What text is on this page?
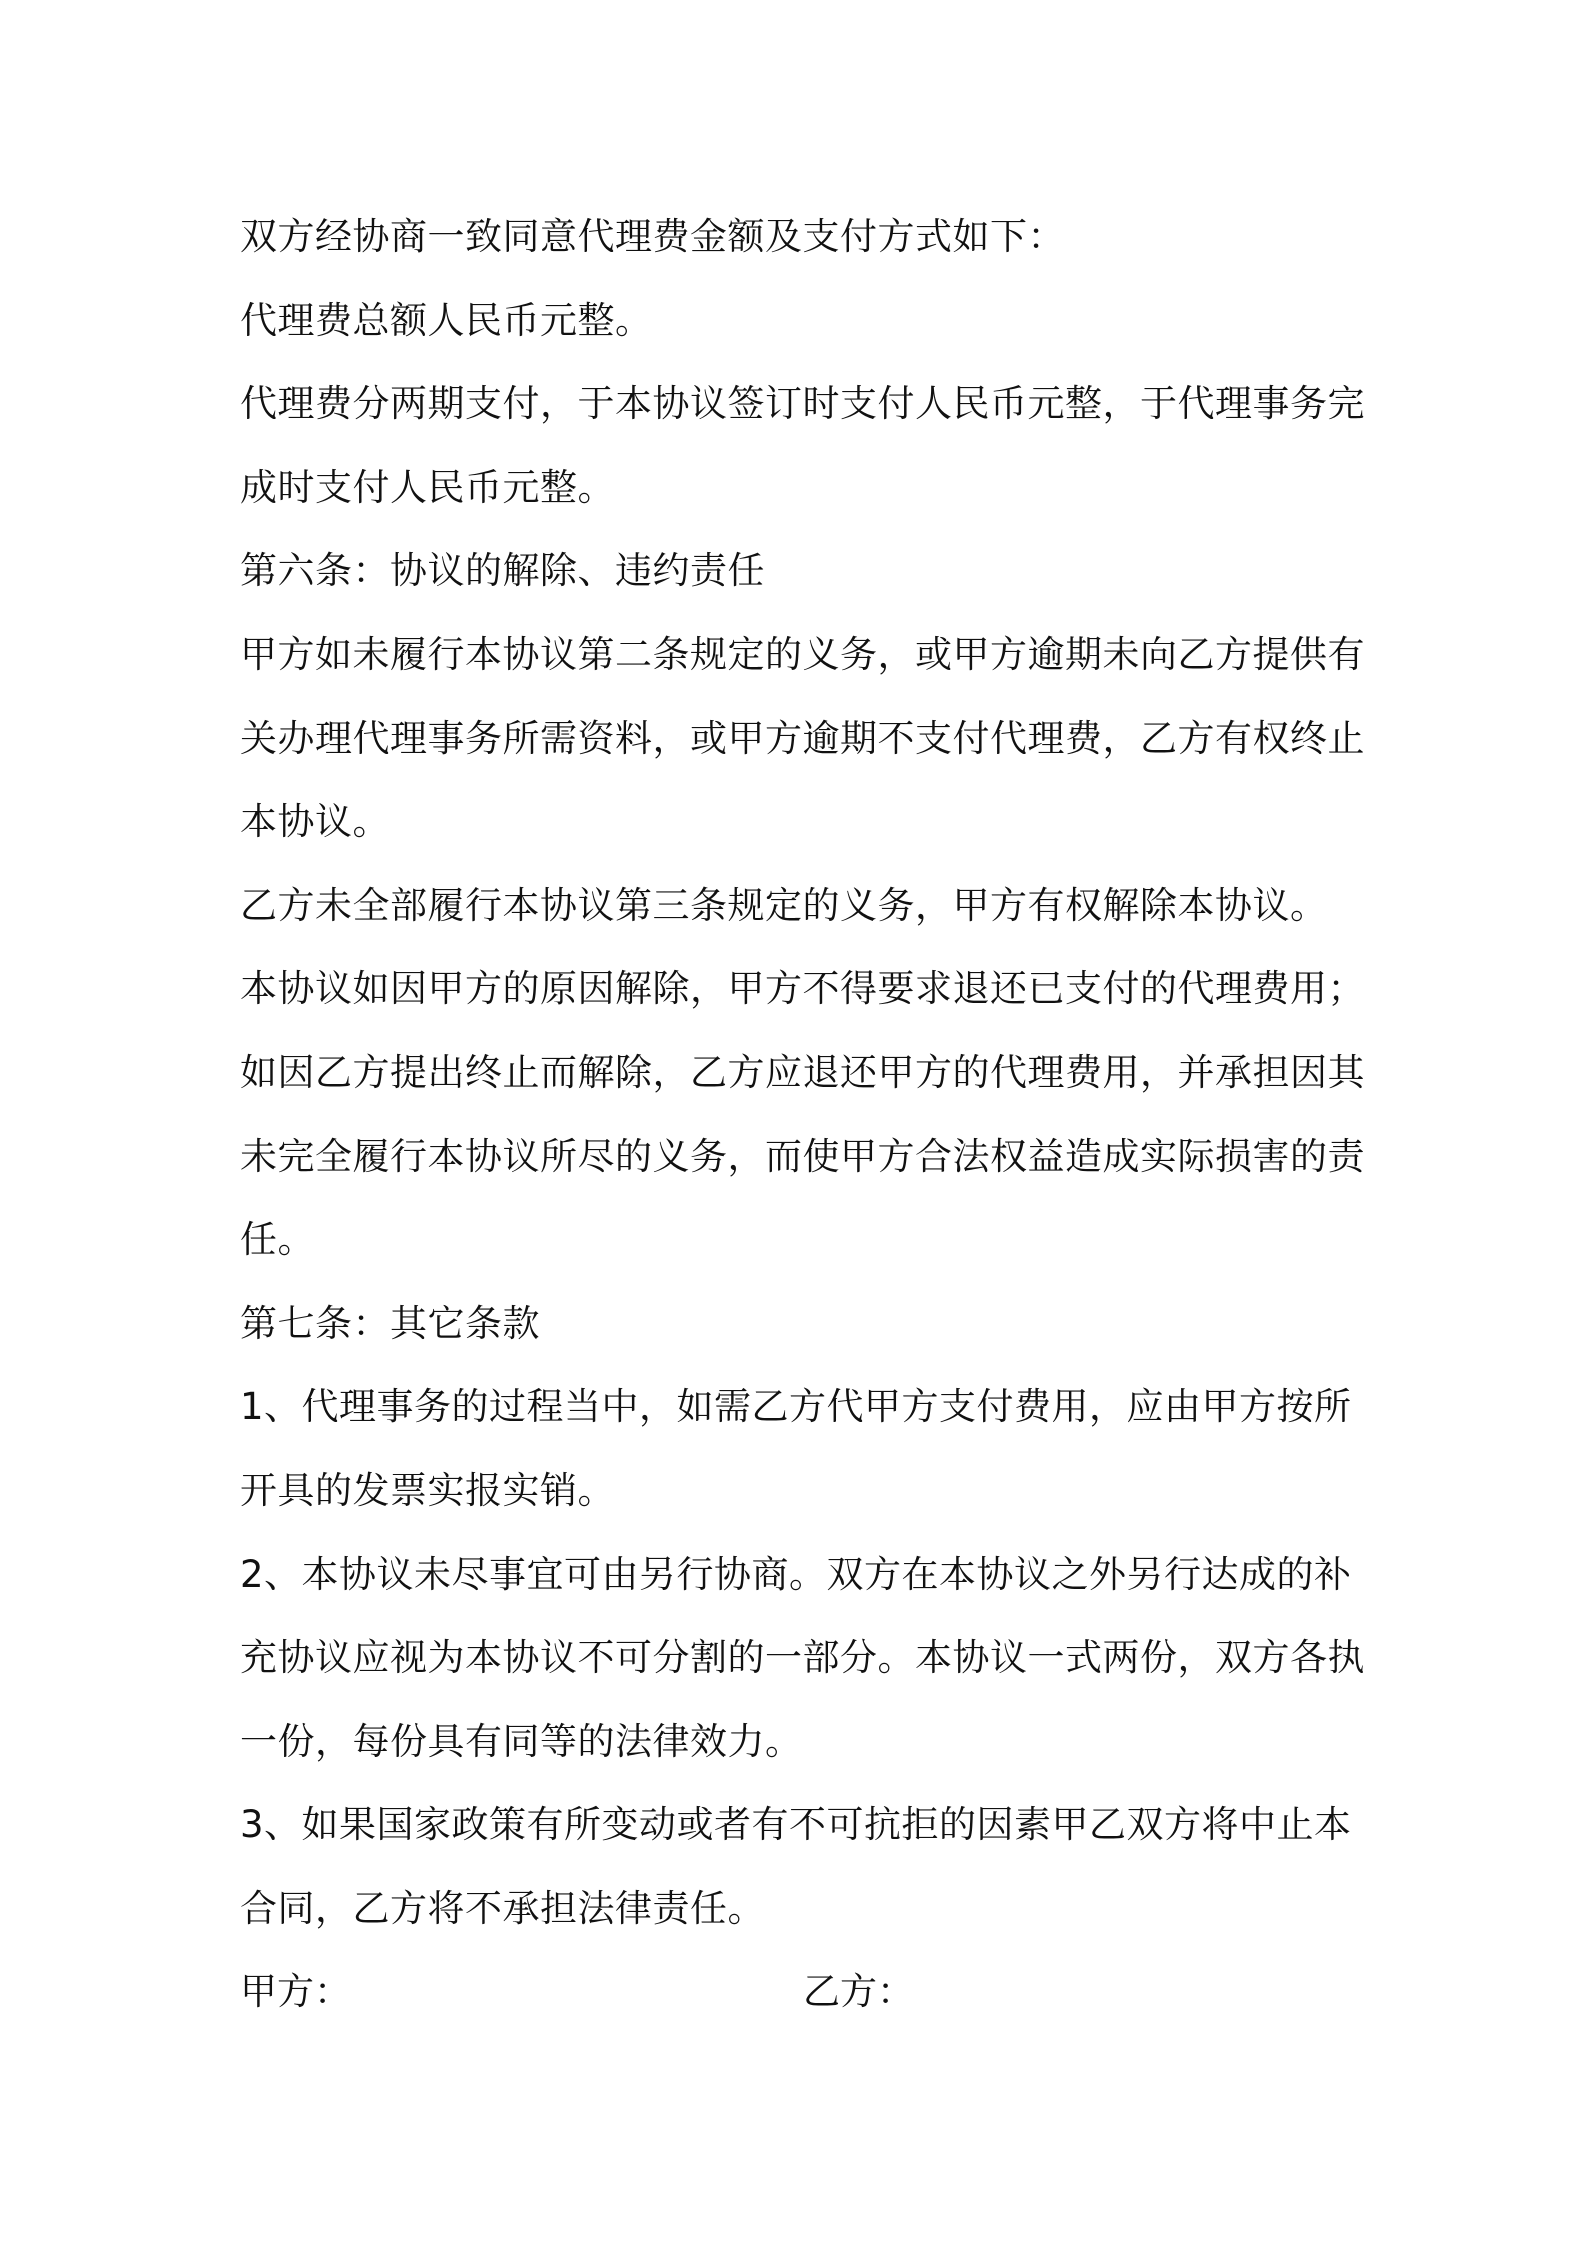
双方经协商一致同意代理费金额及支付方式如下：

代理费总额人民币元整。

代理费分两期支付，于本协议签订时支付人民币元整，于代理事务完

成时支付人民币元整。

第六条：协议的解除、违约责任

甲方如未履行本协议第二条规定的义务，或甲方逾期未向乙方提供有

关办理代理事务所需资料，或甲方逾期不支付代理费，乙方有权终止

本协议。

乙方未全部履行本协议第三条规定的义务，甲方有权解除本协议。

本协议如因甲方的原因解除，甲方不得要求退还已支付的代理费用；

如因乙方提出终止而解除，乙方应退还甲方的代理费用，并承担因其

未完全履行本协议所尽的义务，而使甲方合法权益造成实际损害的责

任。

第七条：其它条款

1、代理事务的过程当中，如需乙方代甲方支付费用，应由甲方按所

开具的发票实报实销。

2、本协议未尽事宜可由另行协商。双方在本协议之外另行达成的补

充协议应视为本协议不可分割的一部分。本协议一式两份，双方各执

一份，每份具有同等的法律效力。

3、如果国家政策有所变动或者有不可抗拒的因素甲乙双方将中止本

合同，乙方将不承担法律责任。

甲方：	乙方：
